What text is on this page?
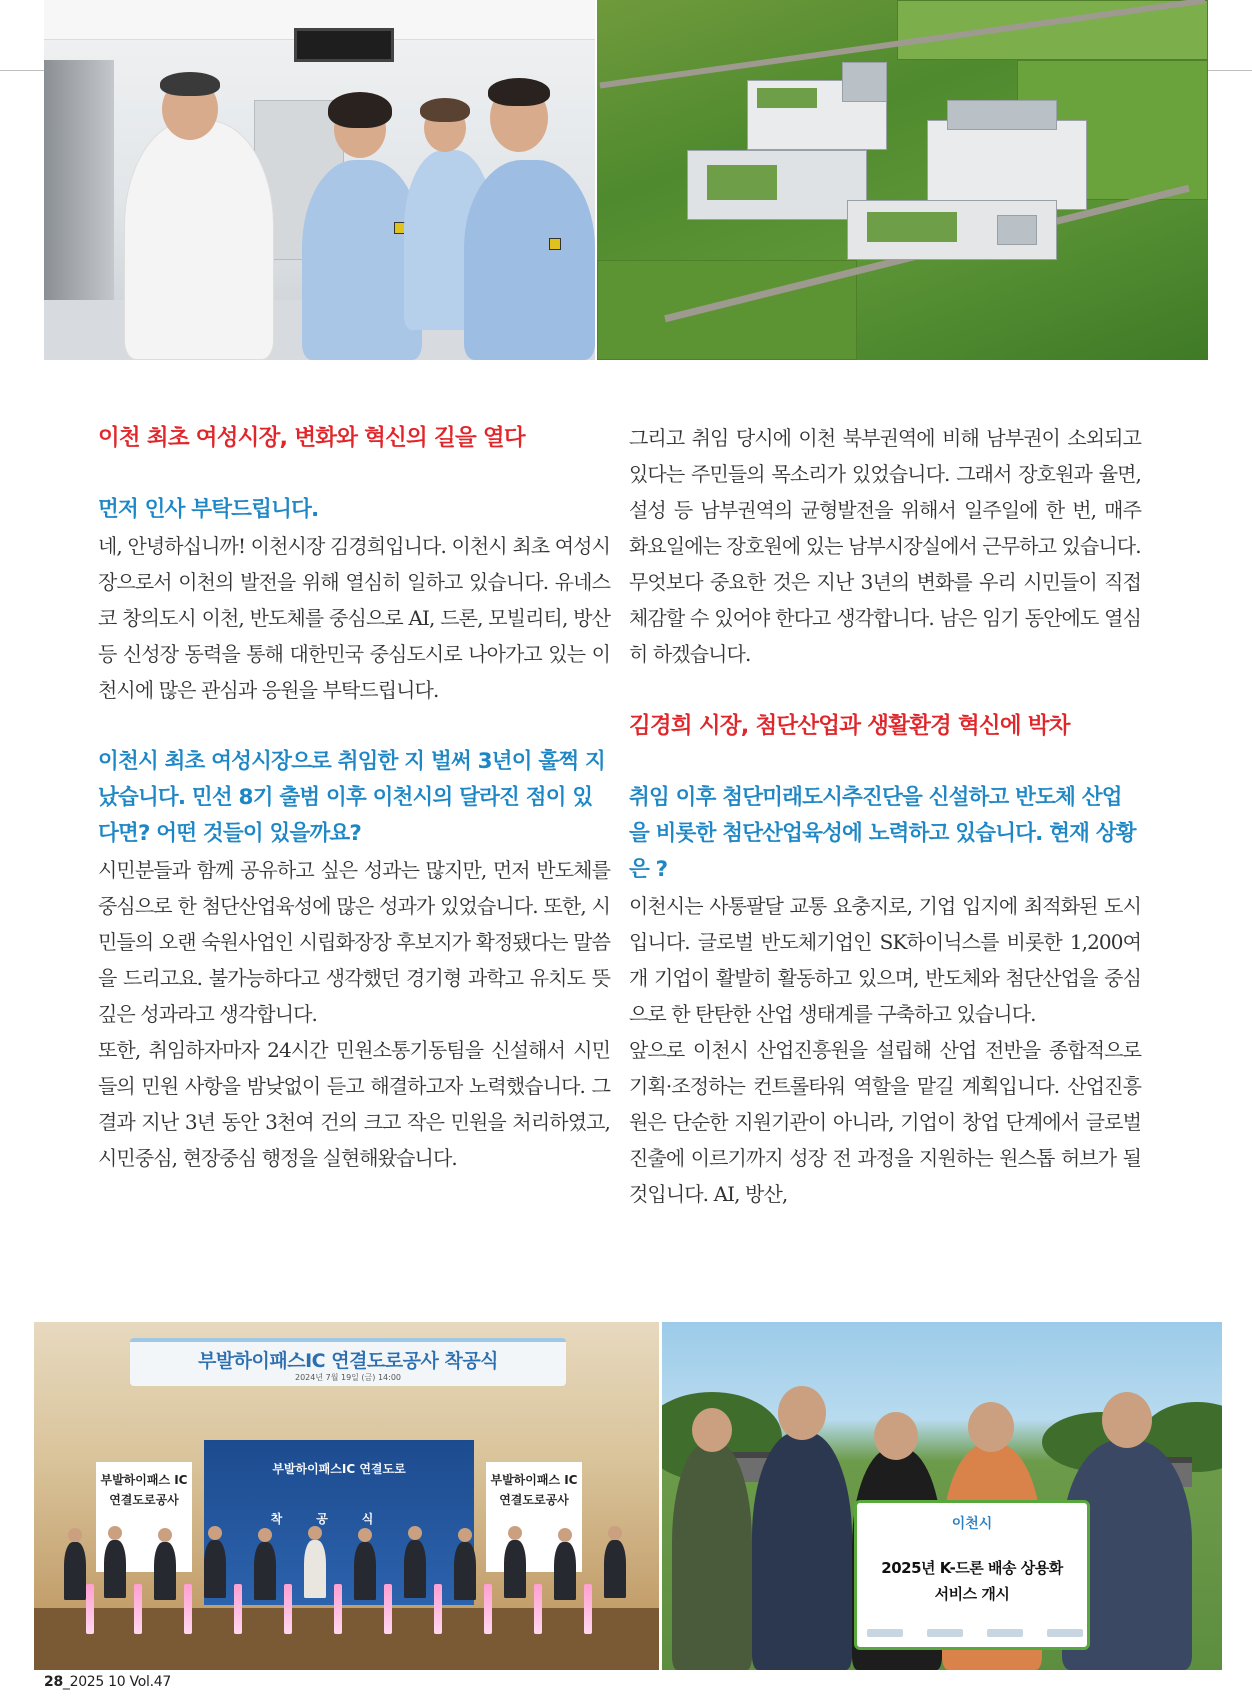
이천 최초 여성시장, 변화와 혁신의 길을 열다
먼저 인사 부탁드립니다.
네, 안녕하십니까! 이천시장 김경희입니다. 이천시 최초 여성시장으로서 이천의 발전을 위해 열심히 일하고 있습니다. 유네스코 창의도시 이천, 반도체를 중심으로 AI, 드론, 모빌리티, 방산 등 신성장 동력을 통해 대한민국 중심도시로 나아가고 있는 이천시에 많은 관심과 응원을 부탁드립니다.
이천시 최초 여성시장으로 취임한 지 벌써 3년이 훌쩍 지났습니다. 민선 8기 출범 이후 이천시의 달라진 점이 있다면? 어떤 것들이 있을까요?
시민분들과 함께 공유하고 싶은 성과는 많지만, 먼저 반도체를 중심으로 한 첨단산업육성에 많은 성과가 있었습니다. 또한, 시민들의 오랜 숙원사업인 시립화장장 후보지가 확정됐다는 말씀을 드리고요. 불가능하다고 생각했던 경기형 과학고 유치도 뜻깊은 성과라고 생각합니다.
또한, 취임하자마자 24시간 민원소통기동팀을 신설해서 시민들의 민원 사항을 밤낮없이 듣고 해결하고자 노력했습니다. 그 결과 지난 3년 동안 3천여 건의 크고 작은 민원을 처리하였고, 시민중심, 현장중심 행정을 실현해왔습니다.
그리고 취임 당시에 이천 북부권역에 비해 남부권이 소외되고 있다는 주민들의 목소리가 있었습니다. 그래서 장호원과 율면, 설성 등 남부권역의 균형발전을 위해서 일주일에 한 번, 매주 화요일에는 장호원에 있는 남부시장실에서 근무하고 있습니다.
무엇보다 중요한 것은 지난 3년의 변화를 우리 시민들이 직접 체감할 수 있어야 한다고 생각합니다. 남은 임기 동안에도 열심히 하겠습니다.
김경희 시장, 첨단산업과 생활환경 혁신에 박차
취임 이후 첨단미래도시추진단을 신설하고 반도체 산업을 비롯한 첨단산업육성에 노력하고 있습니다. 현재 상황은 ?
이천시는 사통팔달 교통 요충지로, 기업 입지에 최적화된 도시입니다. 글로벌 반도체기업인 SK하이닉스를 비롯한 1,200여 개 기업이 활발히 활동하고 있으며, 반도체와 첨단산업을 중심으로 한 탄탄한 산업 생태계를 구축하고 있습니다.
앞으로 이천시 산업진흥원을 설립해 산업 전반을 종합적으로 기획·조정하는 컨트롤타워 역할을 맡길 계획입니다. 산업진흥원은 단순한 지원기관이 아니라, 기업이 창업 단계에서 글로벌 진출에 이르기까지 성장 전 과정을 지원하는 원스톱 허브가 될 것입니다. AI, 방산,
부발하이패스IC 연결도로공사 착공식
2024년 7월 19일 (금) 14:00
부발하이패스 IC 연결도로공사
부발하이패스 IC 연결도로공사
부발하이패스IC 연결도로
착공식	이천시
2025년 K-드론 배송 상용화
서비스 개시
28_2025 10 Vol.47
